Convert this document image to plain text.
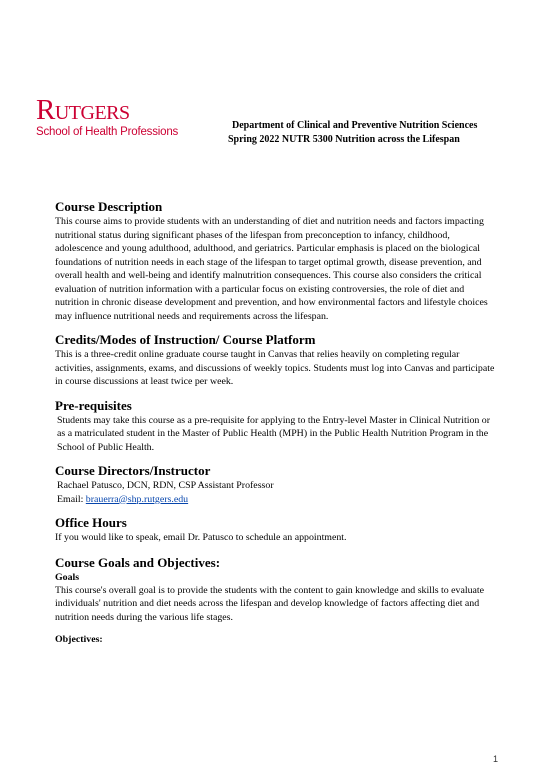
Rutgers
School of Health Professions
Department of Clinical and Preventive Nutrition Sciences
Spring 2022 NUTR 5300 Nutrition across the Lifespan
Course Description

This course aims to provide students with an understanding of diet and nutrition needs and factors impacting nutritional status during significant phases of the lifespan from preconception to infancy, childhood, adolescence and young adulthood, adulthood, and geriatrics. Particular emphasis is placed on the biological foundations of nutrition needs in each stage of the lifespan to target optimal growth, disease prevention, and overall health and well-being and identify malnutrition consequences. This course also considers the critical evaluation of nutrition information with a particular focus on existing controversies, the role of diet and nutrition in chronic disease development and prevention, and how environmental factors and lifestyle choices may influence nutritional needs and requirements across the lifespan.

Credits/Modes of Instruction/ Course Platform

This is a three-credit online graduate course taught in Canvas that relies heavily on completing regular activities, assignments, exams, and discussions of weekly topics. Students must log into Canvas and participate in course discussions at least twice per week.

Pre-requisites

Students may take this course as a pre-requisite for applying to the Entry-level Master in Clinical Nutrition or as a matriculated student in the Master of Public Health (MPH) in the Public Health Nutrition Program in the School of Public Health.

Course Directors/Instructor

Rachael Patusco, DCN, RDN, CSP Assistant Professor

Email: brauerra@shp.rutgers.edu

Office Hours

If you would like to speak, email Dr. Patusco to schedule an appointment.

Course Goals and Objectives:
Goals

This course's overall goal is to provide the students with the content to gain knowledge and skills to evaluate individuals' nutrition and diet needs across the lifespan and develop knowledge of factors affecting diet and nutrition needs during the various life stages.

Objectives:
1
